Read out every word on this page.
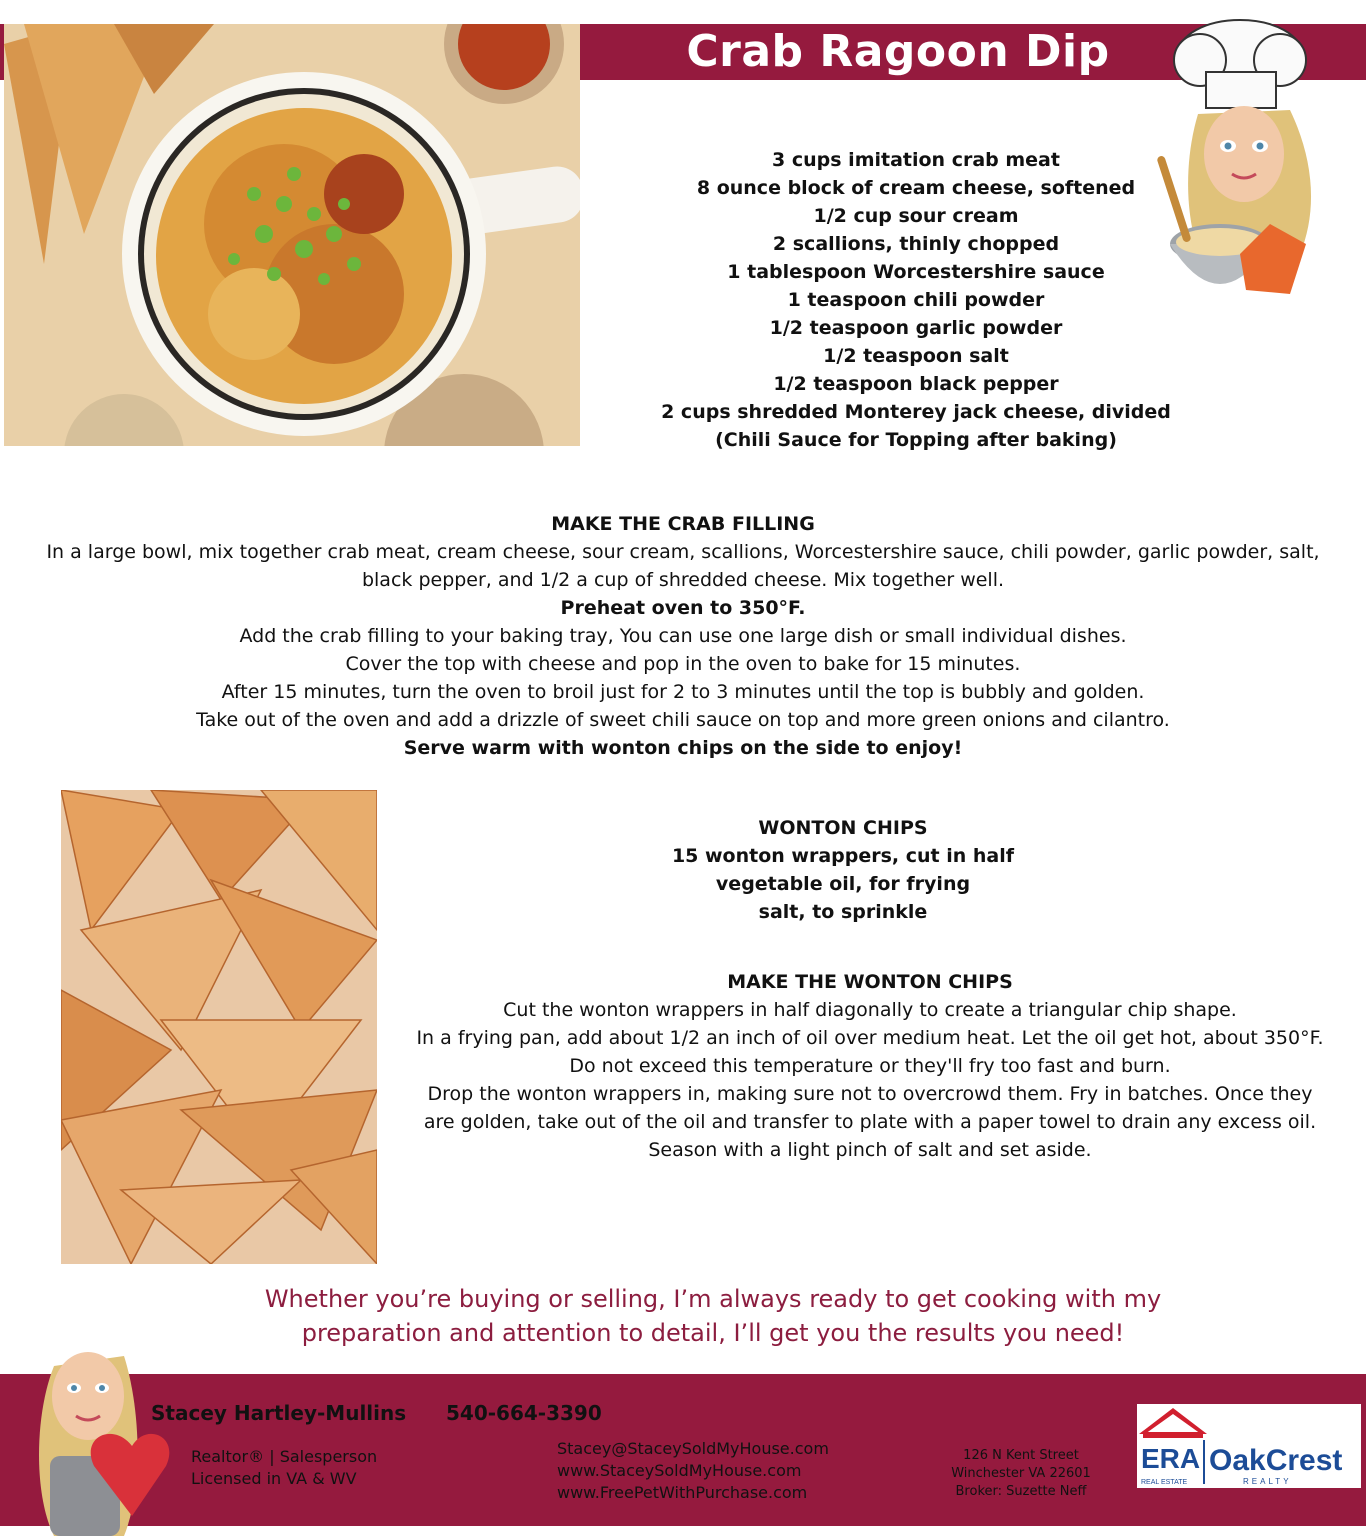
Crab Ragoon Dip
3 cups imitation crab meat
8 ounce block of cream cheese, softened
1/2 cup sour cream
2 scallions, thinly chopped
1 tablespoon Worcestershire sauce
1 teaspoon chili powder
1/2 teaspoon garlic powder
1/2 teaspoon salt
1/2 teaspoon black pepper
2 cups shredded Monterey jack cheese, divided
(Chili Sauce for Topping after baking)
MAKE THE CRAB FILLING
In a large bowl, mix together crab meat, cream cheese, sour cream, scallions, Worcestershire sauce, chili powder, garlic powder, salt,
black pepper, and 1/2 a cup of shredded cheese. Mix together well.
Preheat oven to 350°F.
Add the crab filling to your baking tray, You can use one large dish or small individual dishes.
Cover the top with cheese and pop in the oven to bake for 15 minutes.
After 15 minutes, turn the oven to broil just for 2 to 3 minutes until the top is bubbly and golden.
Take out of the oven and add a drizzle of sweet chili sauce on top and more green onions and cilantro.
Serve warm with wonton chips on the side to enjoy!
WONTON CHIPS
15 wonton wrappers, cut in half
vegetable oil, for frying
salt, to sprinkle
MAKE THE WONTON CHIPS
Cut the wonton wrappers in half diagonally to create a triangular chip shape.
In a frying pan, add about 1/2 an inch of oil over medium heat. Let the oil get hot, about 350°F.
Do not exceed this temperature or they'll fry too fast and burn.
Drop the wonton wrappers in, making sure not to overcrowd them. Fry in batches. Once they
are golden, take out of the oil and transfer to plate with a paper towel to drain any excess oil.
Season with a light pinch of salt and set aside.
Whether you’re buying or selling, I’m always ready to get cooking with my
preparation and attention to detail, I’ll get you the results you need!
Stacey Hartley-Mullins 540-664-3390
Realtor® | Salesperson
Licensed in VA & WV
Stacey@StaceySoldMyHouse.com
www.StaceySoldMyHouse.com
www.FreePetWithPurchase.com
126 N Kent Street
Winchester VA 22601
Broker: Suzette Neff
ERA
REAL ESTATE
OakCrest
REALTY
